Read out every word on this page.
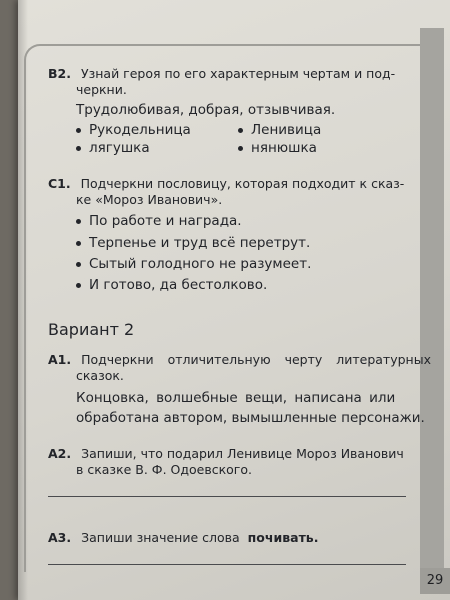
29
B2. Узнай героя по его характерным чертам и под-
черкни.
Трудолюбивая, добрая, отзывчивая.
Рукодельница	Ленивица
лягушка	нянюшка
C1. Подчеркни пословицу, которая подходит к сказ-
ке «Мороз Иванович».
По работе и награда.
Терпенье и труд всё перетрут.
Сытый голодного не разумеет.
И готово, да бестолково.
Вариант 2
A1. Подчеркни отличительную черту литературных
сказок.
Концовка, волшебные вещи, написана или
обработана автором, вымышленные персонажи.
A2. Запиши, что подарил Ленивице Мороз Иванович
в сказке В. Ф. Одоевского.
A3. Запиши значение слова почивать.
